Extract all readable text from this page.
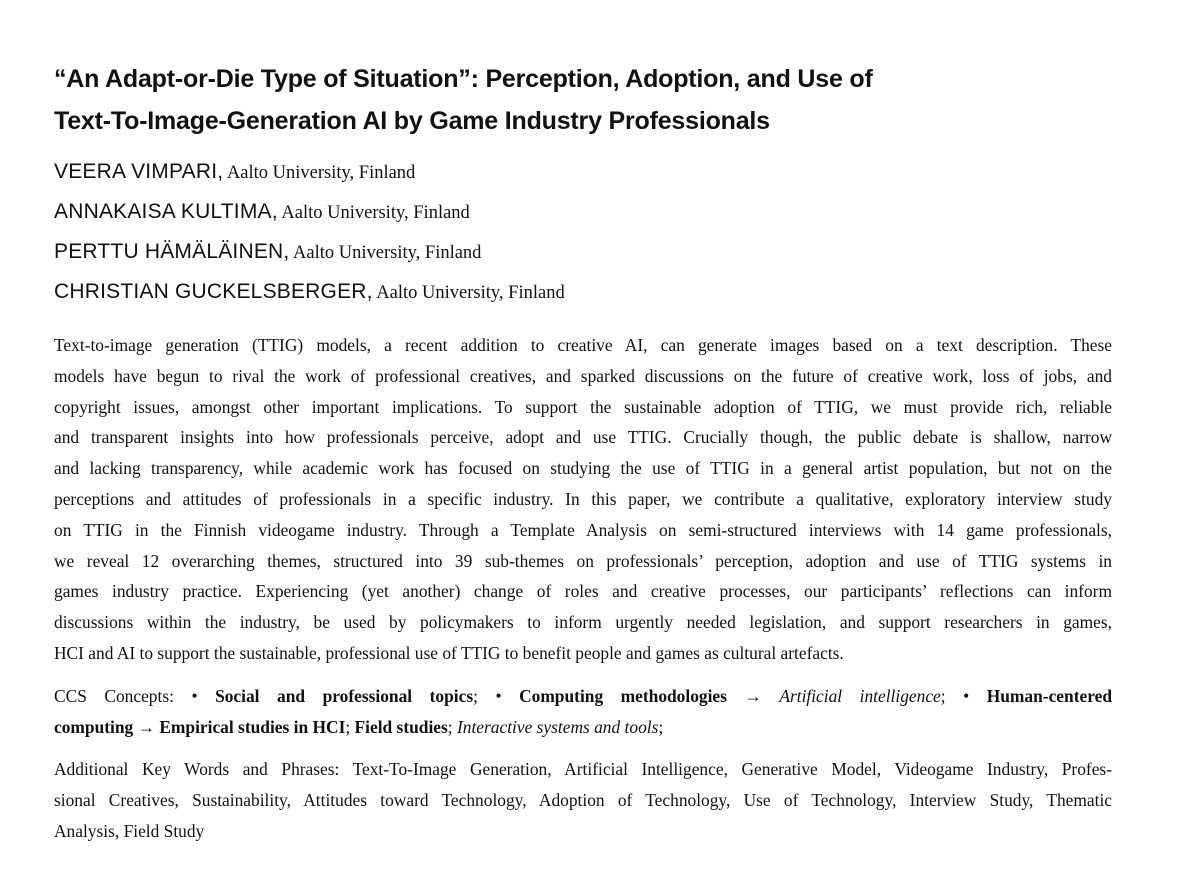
“An Adapt-or-Die Type of Situation”: Perception, Adoption, and Use of
Text-To-Image-Generation AI by Game Industry Professionals
VEERA VIMPARI, Aalto University, Finland
ANNAKAISA KULTIMA, Aalto University, Finland
PERTTU HÄMÄLÄINEN, Aalto University, Finland
CHRISTIAN GUCKELSBERGER, Aalto University, Finland
Text-to-image generation (TTIG) models, a recent addition to creative AI, can generate images based on a text description. These
models have begun to rival the work of professional creatives, and sparked discussions on the future of creative work, loss of jobs, and
copyright issues, amongst other important implications. To support the sustainable adoption of TTIG, we must provide rich, reliable
and transparent insights into how professionals perceive, adopt and use TTIG. Crucially though, the public debate is shallow, narrow
and lacking transparency, while academic work has focused on studying the use of TTIG in a general artist population, but not on the
perceptions and attitudes of professionals in a specific industry. In this paper, we contribute a qualitative, exploratory interview study
on TTIG in the Finnish videogame industry. Through a Template Analysis on semi-structured interviews with 14 game professionals,
we reveal 12 overarching themes, structured into 39 sub-themes on professionals’ perception, adoption and use of TTIG systems in
games industry practice. Experiencing (yet another) change of roles and creative processes, our participants’ reflections can inform
discussions within the industry, be used by policymakers to inform urgently needed legislation, and support researchers in games,
HCI and AI to support the sustainable, professional use of TTIG to benefit people and games as cultural artefacts.
CCS Concepts: • Social and professional topics; • Computing methodologies → Artificial intelligence; • Human-centered
computing → Empirical studies in HCI; Field studies; Interactive systems and tools;
Additional Key Words and Phrases: Text-To-Image Generation, Artificial Intelligence, Generative Model, Videogame Industry, Profes-
sional Creatives, Sustainability, Attitudes toward Technology, Adoption of Technology, Use of Technology, Interview Study, Thematic
Analysis, Field Study
